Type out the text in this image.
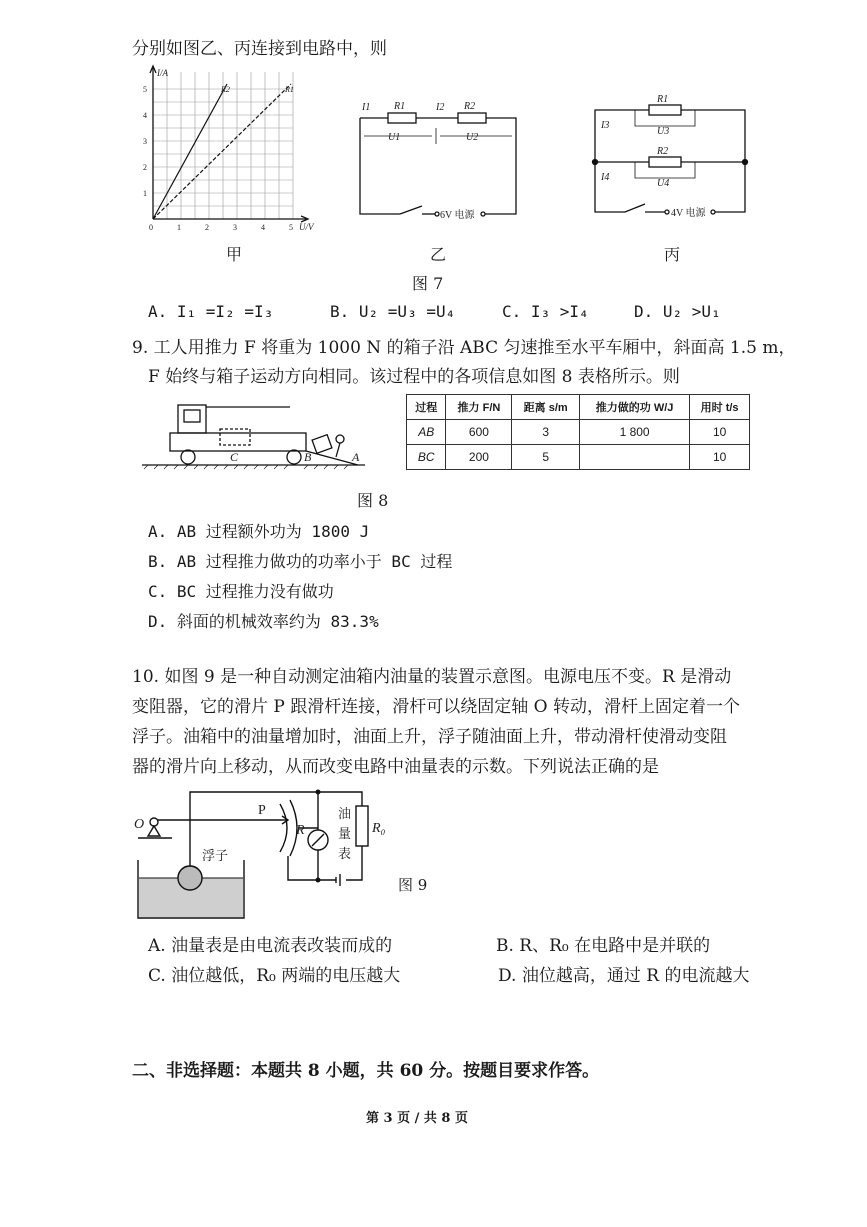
分别如图乙、丙连接到电路中，则
I/A
U/V
1
2
3
4
5
0	1	2	3	4	5
R2	R1
I1 R1	I2 R2
U1	U2
6V 电源
R1
I3
U3
R2
I4
U4
4V 电源
甲	乙	丙
图 7
A. I₁ =I₂ =I₃	B. U₂ =U₃ =U₄	C. I₃ >I₄	D. U₂ >U₁
9. 工人用推力 F 将重为 1000 N 的箱子沿 ABC 匀速推至水平车厢中，斜面高 1.5 m，
F 始终与箱子运动方向相同。该过程中的各项信息如图 8 表格所示。则
C	B	A
过程	推力 F/N	距离 s/m	推力做的功 W/J	用时 t/s
AB	600	3	1 800	10
BC	200	5		10
图 8
A. AB 过程额外功为 1800 J
B. AB 过程推力做功的功率小于 BC 过程
C. BC 过程推力没有做功
D. 斜面的机械效率约为 83.3%
10. 如图 9 是一种自动测定油箱内油量的装置示意图。电源电压不变。R 是滑动
变阻器，它的滑片 P 跟滑杆连接，滑杆可以绕固定轴 O 转动，滑杆上固定着一个
浮子。油箱中的油量增加时，油面上升，浮子随油面上升，带动滑杆使滑动变阻
器的滑片向上移动，从而改变电路中油量表的示数。下列说法正确的是
O
P
R
浮子
油
量
表
R₀
图 9
A. 油量表是由电流表改装而成的	B. R、R₀ 在电路中是并联的
C. 油位越低，R₀ 两端的电压越大	D. 油位越高，通过 R 的电流越大
二、非选择题：本题共 8 小题，共 60 分。按题目要求作答。
第 3 页 / 共 8 页
